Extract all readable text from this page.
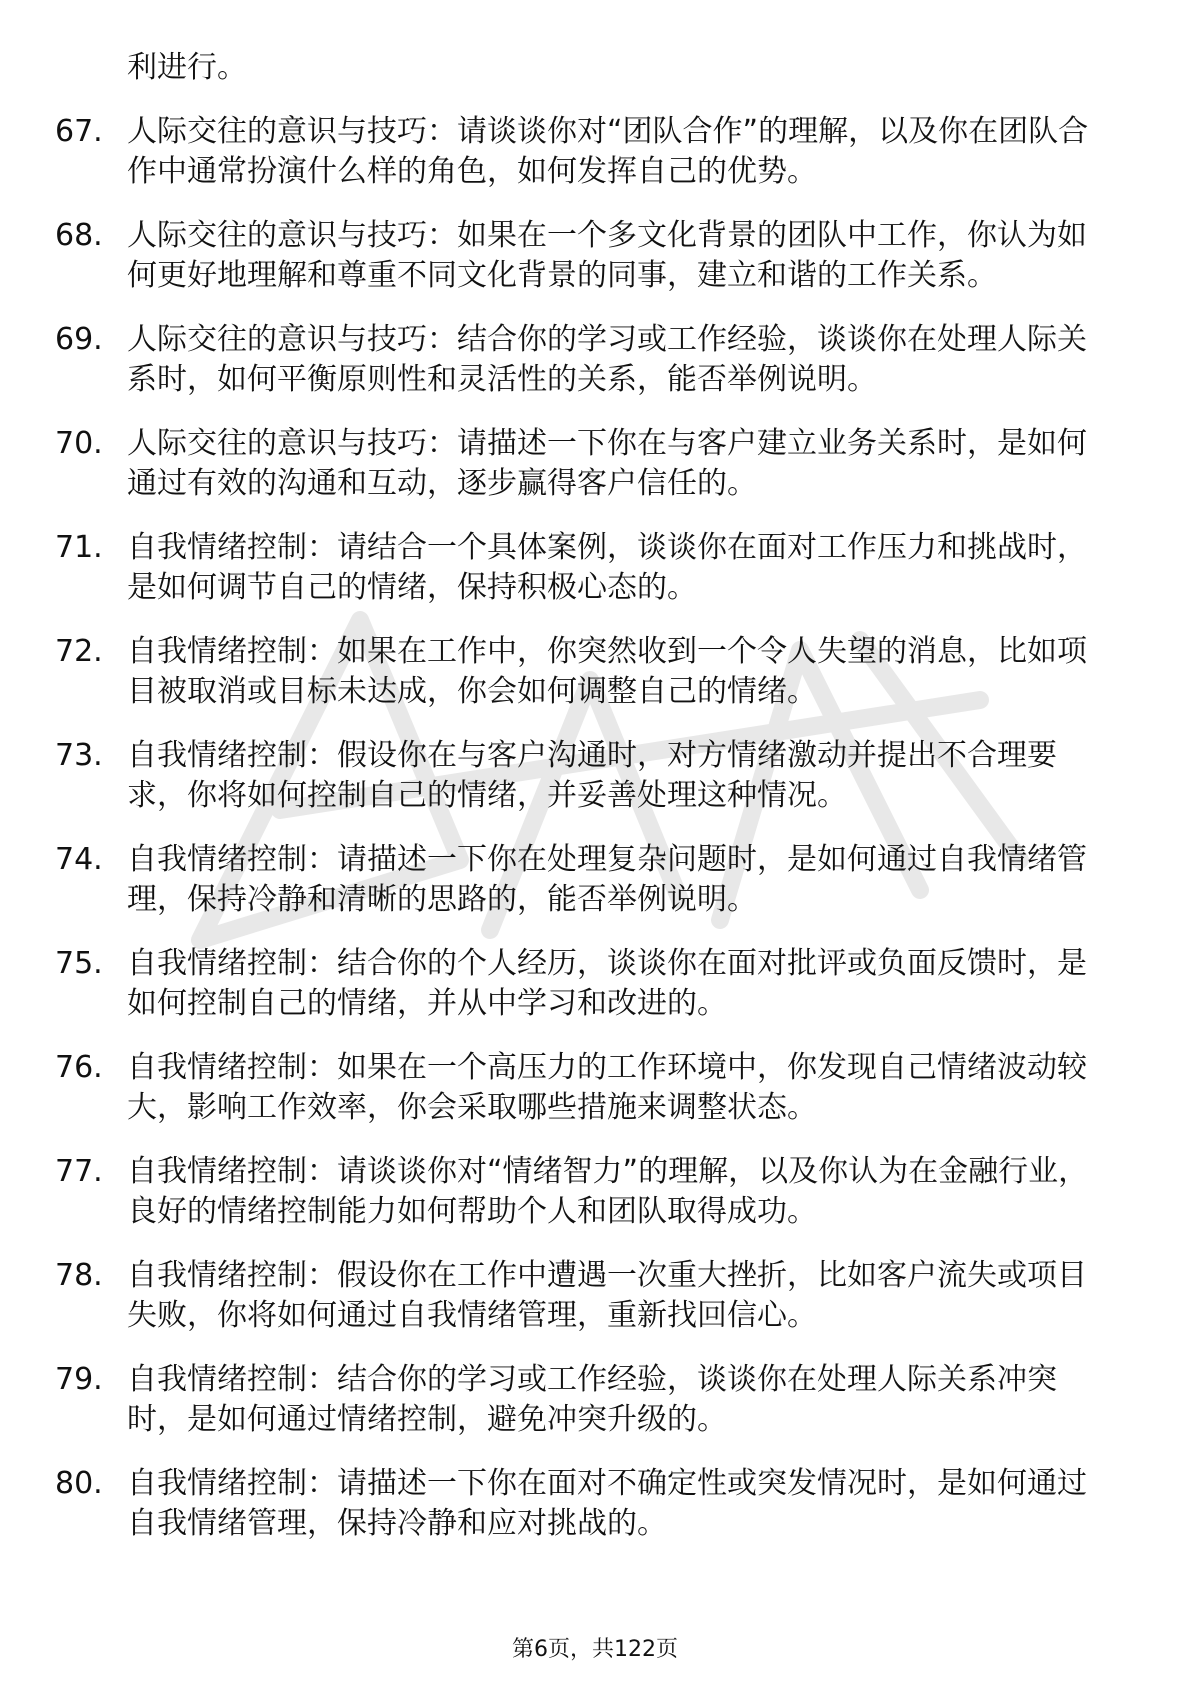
利进行。
67. 人际交往的意识与技巧：请谈谈你对“团队合作”的理解，以及你在团队合作中通常扮演什么样的角色，如何发挥自己的优势。
68. 人际交往的意识与技巧：如果在一个多文化背景的团队中工作，你认为如何更好地理解和尊重不同文化背景的同事，建立和谐的工作关系。
69. 人际交往的意识与技巧：结合你的学习或工作经验，谈谈你在处理人际关系时，如何平衡原则性和灵活性的关系，能否举例说明。
70. 人际交往的意识与技巧：请描述一下你在与客户建立业务关系时，是如何通过有效的沟通和互动，逐步赢得客户信任的。
71. 自我情绪控制：请结合一个具体案例，谈谈你在面对工作压力和挑战时，是如何调节自己的情绪，保持积极心态的。
72. 自我情绪控制：如果在工作中，你突然收到一个令人失望的消息，比如项目被取消或目标未达成，你会如何调整自己的情绪。
73. 自我情绪控制：假设你在与客户沟通时，对方情绪激动并提出不合理要求，你将如何控制自己的情绪，并妥善处理这种情况。
74. 自我情绪控制：请描述一下你在处理复杂问题时，是如何通过自我情绪管理，保持冷静和清晰的思路的，能否举例说明。
75. 自我情绪控制：结合你的个人经历，谈谈你在面对批评或负面反馈时，是如何控制自己的情绪，并从中学习和改进的。
76. 自我情绪控制：如果在一个高压力的工作环境中，你发现自己情绪波动较大，影响工作效率，你会采取哪些措施来调整状态。
77. 自我情绪控制：请谈谈你对“情绪智力”的理解，以及你认为在金融行业，良好的情绪控制能力如何帮助个人和团队取得成功。
78. 自我情绪控制：假设你在工作中遭遇一次重大挫折，比如客户流失或项目失败，你将如何通过自我情绪管理，重新找回信心。
79. 自我情绪控制：结合你的学习或工作经验，谈谈你在处理人际关系冲突时，是如何通过情绪控制，避免冲突升级的。
80. 自我情绪控制：请描述一下你在面对不确定性或突发情况时，是如何通过自我情绪管理，保持冷静和应对挑战的。
第6页，共122页
